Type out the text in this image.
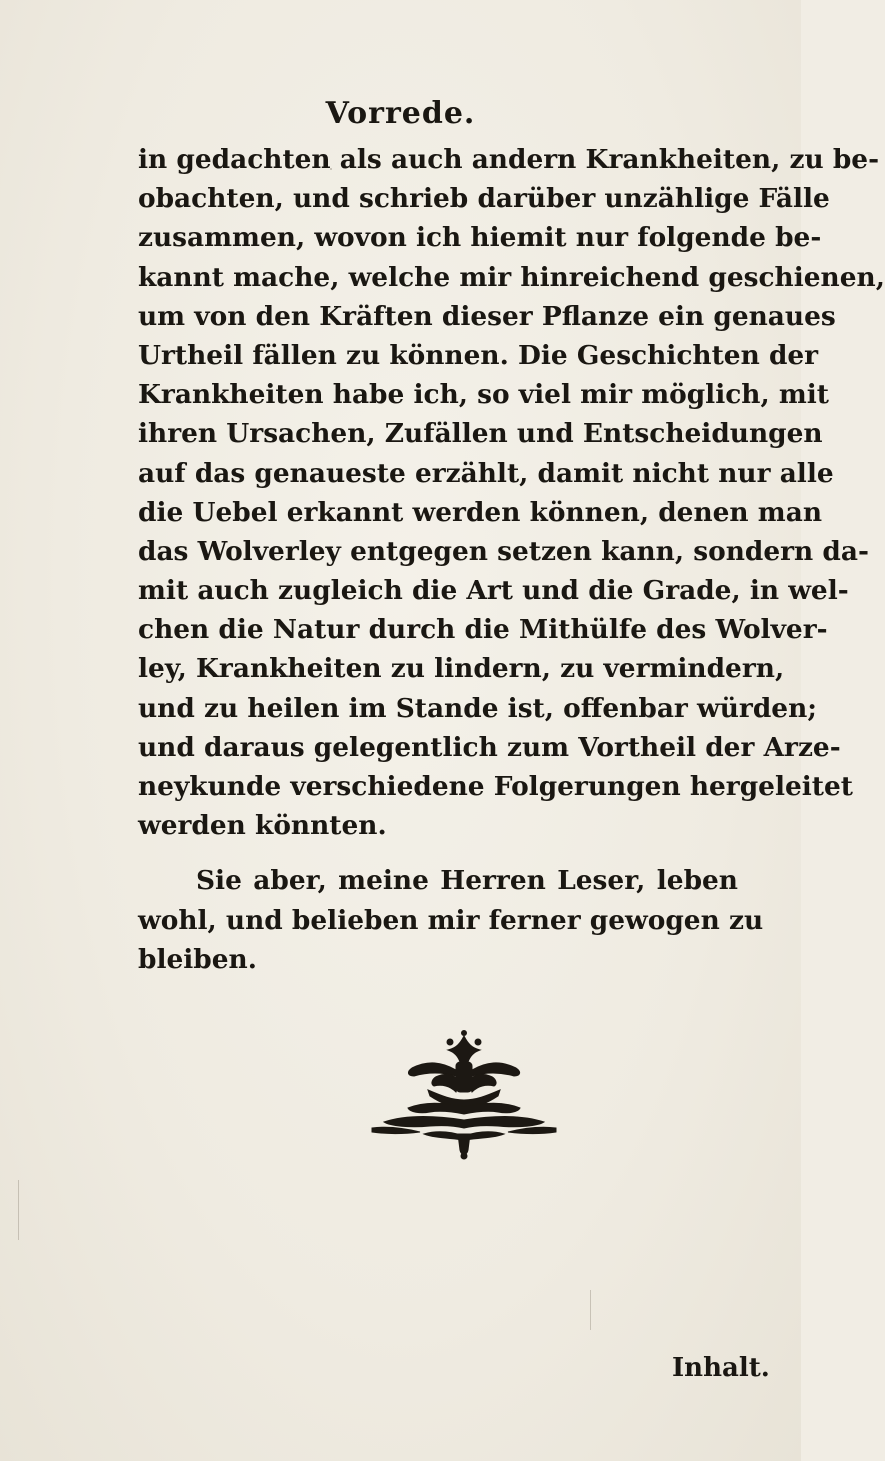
Vorrede.
in gedachten als auch andern Krankheiten, zu be-
obachten, und schrieb darüber unzählige Fälle
zusammen, wovon ich hiemit nur folgende be-
kannt mache, welche mir hinreichend geschienen,
um von den Kräften dieser Pflanze ein genaues
Urtheil fällen zu können. Die Geschichten der
Krankheiten habe ich, so viel mir möglich, mit
ihren Ursachen, Zufällen und Entscheidungen
auf das genaueste erzählt, damit nicht nur alle
die Uebel erkannt werden können, denen man
das Wolverley entgegen setzen kann, sondern da-
mit auch zugleich die Art und die Grade, in wel-
chen die Natur durch die Mithülfe des Wolver-
ley, Krankheiten zu lindern, zu vermindern,
und zu heilen im Stande ist, offenbar würden;
und daraus gelegentlich zum Vortheil der Arze-
neykunde verschiedene Folgerungen hergeleitet
werden könnten.
Sie aber, meine Herren Leser, leben
wohl, und belieben mir ferner gewogen zu
bleiben.
Inhalt.
